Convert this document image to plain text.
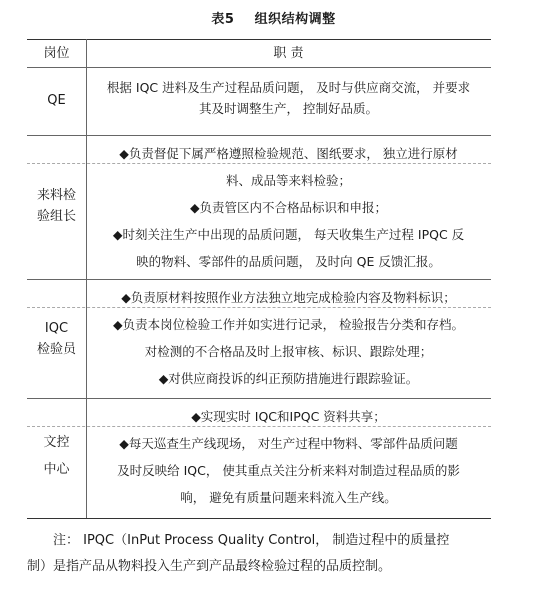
表5    组织结构调整
岗位	职 责

QE

根据 IQC 进料及生产过程品质问题， 及时与供应商交流， 并要求

其及时调整生产， 控制好品质。

来料检

验组长

◆负责督促下属严格遵照检验规范、图纸要求， 独立进行原材

料、成品等来料检验；

◆负责管区内不合格品标识和申报；

◆时刻关注生产中出现的品质问题， 每天收集生产过程 IPQC 反

映的物料、零部件的品质问题， 及时向 QE 反馈汇报。

IQC

检验员

◆负责原材料按照作业方法独立地完成检验内容及物料标识；

◆负责本岗位检验工作并如实进行记录， 检验报告分类和存档。

对检测的不合格品及时上报审核、标识、跟踪处理；

◆对供应商投诉的纠正预防措施进行跟踪验证。

文控

中心

◆实现实时 IQC和IPQC 资料共享；

◆每天巡查生产线现场， 对生产过程中物料、零部件品质问题

及时反映给 IQC， 使其重点关注分析来料对制造过程品质的影

响， 避免有质量问题来料流入生产线。

注： IPQC（InPut Process Quality Control， 制造过程中的质量控

制）是指产品从物料投入生产到产品最终检验过程的品质控制。
